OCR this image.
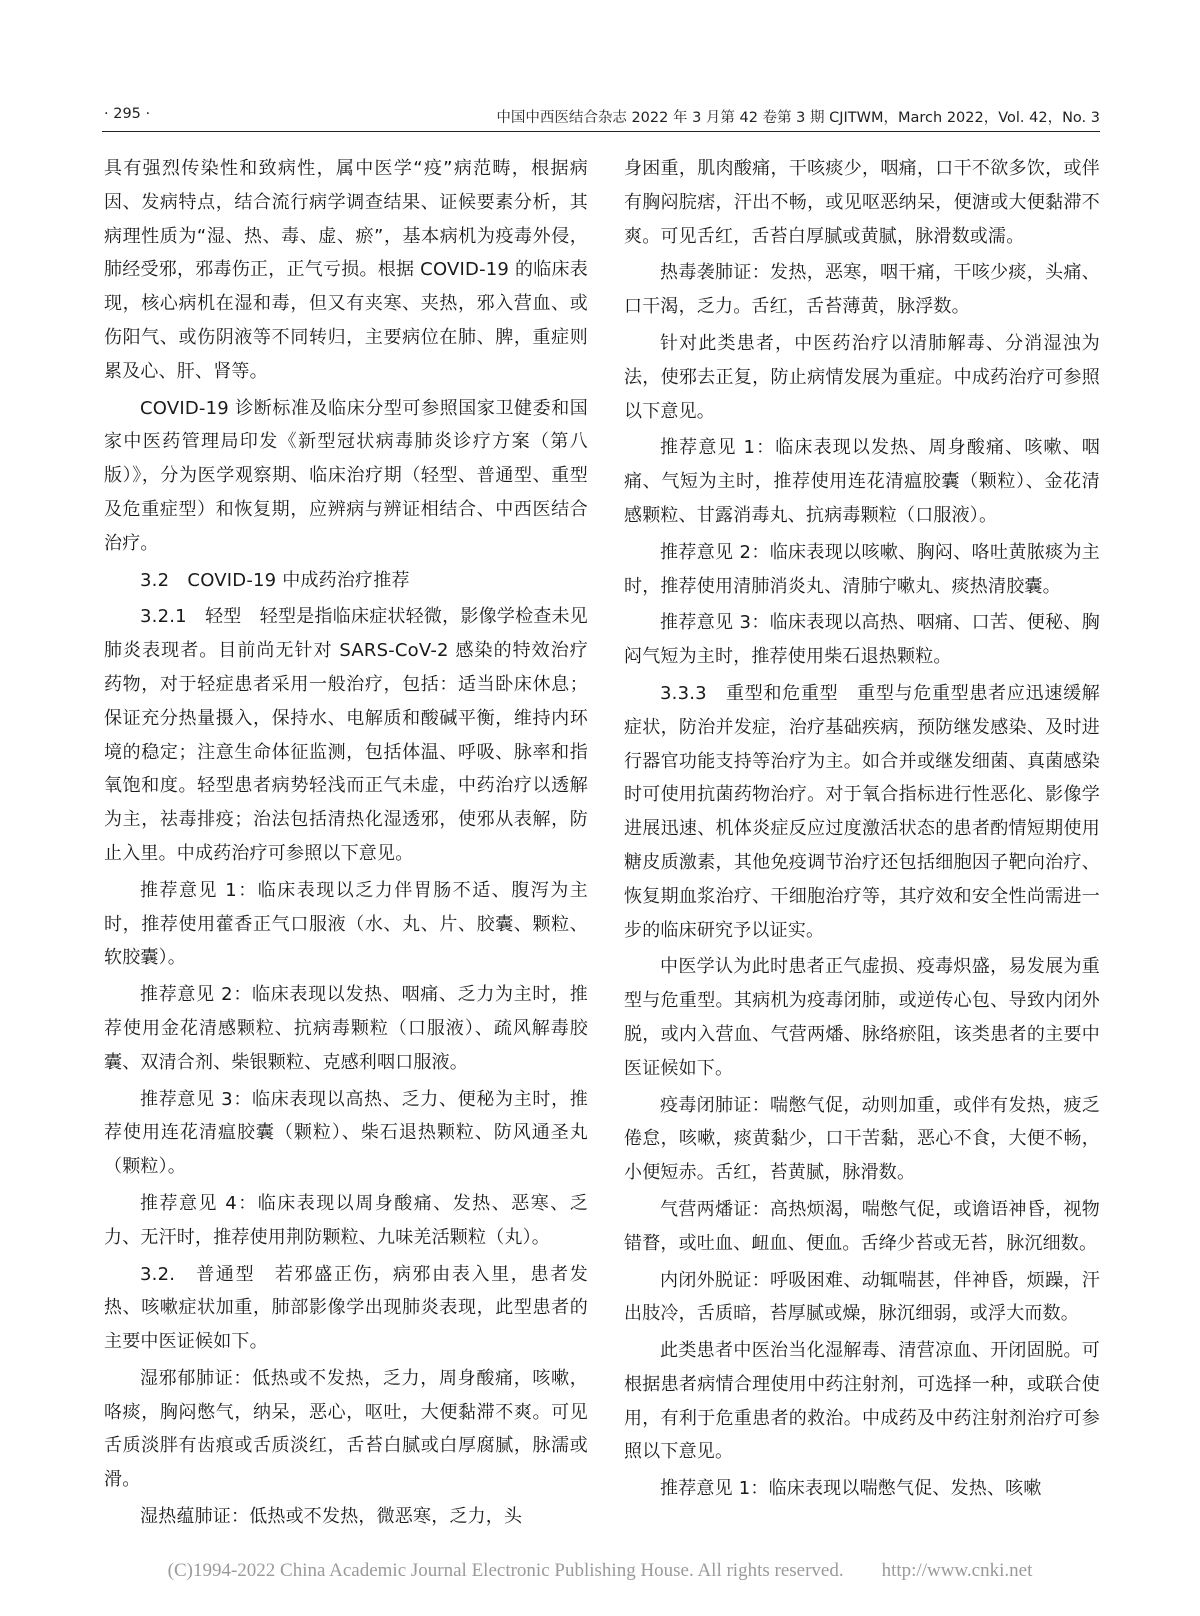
· 295 ·	中国中西医结合杂志 2022 年 3 月第 42 卷第 3 期 CJITWM，March 2022，Vol. 42，No. 3

具有强烈传染性和致病性，属中医学“疫”病范畴，根据病因、发病特点，结合流行病学调查结果、证候要素分析，其病理性质为“湿、热、毒、虚、瘀”，基本病机为疫毒外侵，肺经受邪，邪毒伤正，正气亏损。根据 COVID-19 的临床表现，核心病机在湿和毒，但又有夹寒、夹热，邪入营血、或伤阳气、或伤阴液等不同转归，主要病位在肺、脾，重症则累及心、肝、肾等。

COVID-19 诊断标准及临床分型可参照国家卫健委和国家中医药管理局印发《新型冠状病毒肺炎诊疗方案（第八版）》，分为医学观察期、临床治疗期（轻型、普通型、重型及危重症型）和恢复期，应辨病与辨证相结合、中西医结合治疗。

3.2　COVID-19 中成药治疗推荐

3.2.1　轻型　轻型是指临床症状轻微，影像学检查未见肺炎表现者。目前尚无针对 SARS-CoV-2 感染的特效治疗药物，对于轻症患者采用一般治疗，包括：适当卧床休息；保证充分热量摄入，保持水、电解质和酸碱平衡，维持内环境的稳定；注意生命体征监测，包括体温、呼吸、脉率和指氧饱和度。轻型患者病势轻浅而正气未虚，中药治疗以透解为主，祛毒排疫；治法包括清热化湿透邪，使邪从表解，防止入里。中成药治疗可参照以下意见。

推荐意见 1：临床表现以乏力伴胃肠不适、腹泻为主时，推荐使用藿香正气口服液（水、丸、片、胶囊、颗粒、软胶囊）。

推荐意见 2：临床表现以发热、咽痛、乏力为主时，推荐使用金花清感颗粒、抗病毒颗粒（口服液）、疏风解毒胶囊、双清合剂、柴银颗粒、克感利咽口服液。

推荐意见 3：临床表现以高热、乏力、便秘为主时，推荐使用连花清瘟胶囊（颗粒）、柴石退热颗粒、防风通圣丸（颗粒）。

推荐意见 4：临床表现以周身酸痛、发热、恶寒、乏力、无汗时，推荐使用荆防颗粒、九味羌活颗粒（丸）。

3.2.　普通型　若邪盛正伤，病邪由表入里，患者发热、咳嗽症状加重，肺部影像学出现肺炎表现，此型患者的主要中医证候如下。

湿邪郁肺证：低热或不发热，乏力，周身酸痛，咳嗽，咯痰，胸闷憋气，纳呆，恶心，呕吐，大便黏滞不爽。可见舌质淡胖有齿痕或舌质淡红，舌苔白腻或白厚腐腻，脉濡或滑。

湿热蕴肺证：低热或不发热，微恶寒，乏力，头

身困重，肌肉酸痛，干咳痰少，咽痛，口干不欲多饮，或伴有胸闷脘痞，汗出不畅，或见呕恶纳呆，便溏或大便黏滞不爽。可见舌红，舌苔白厚腻或黄腻，脉滑数或濡。

热毒袭肺证：发热，恶寒，咽干痛，干咳少痰，头痛、口干渴，乏力。舌红，舌苔薄黄，脉浮数。

针对此类患者，中医药治疗以清肺解毒、分消湿浊为法，使邪去正复，防止病情发展为重症。中成药治疗可参照以下意见。

推荐意见 1：临床表现以发热、周身酸痛、咳嗽、咽痛、气短为主时，推荐使用连花清瘟胶囊（颗粒）、金花清感颗粒、甘露消毒丸、抗病毒颗粒（口服液）。

推荐意见 2：临床表现以咳嗽、胸闷、咯吐黄脓痰为主时，推荐使用清肺消炎丸、清肺宁嗽丸、痰热清胶囊。

推荐意见 3：临床表现以高热、咽痛、口苦、便秘、胸闷气短为主时，推荐使用柴石退热颗粒。

3.3.3　重型和危重型　重型与危重型患者应迅速缓解症状，防治并发症，治疗基础疾病，预防继发感染、及时进行器官功能支持等治疗为主。如合并或继发细菌、真菌感染时可使用抗菌药物治疗。对于氧合指标进行性恶化、影像学进展迅速、机体炎症反应过度激活状态的患者酌情短期使用糖皮质激素，其他免疫调节治疗还包括细胞因子靶向治疗、恢复期血浆治疗、干细胞治疗等，其疗效和安全性尚需进一步的临床研究予以证实。

中医学认为此时患者正气虚损、疫毒炽盛，易发展为重型与危重型。其病机为疫毒闭肺，或逆传心包、导致内闭外脱，或内入营血、气营两燔、脉络瘀阻，该类患者的主要中医证候如下。

疫毒闭肺证：喘憋气促，动则加重，或伴有发热，疲乏倦怠，咳嗽，痰黄黏少，口干苦黏，恶心不食，大便不畅，小便短赤。舌红，苔黄腻，脉滑数。

气营两燔证：高热烦渴，喘憋气促，或谵语神昏，视物错瞀，或吐血、衄血、便血。舌绛少苔或无苔，脉沉细数。

内闭外脱证：呼吸困难、动辄喘甚，伴神昏，烦躁，汗出肢冷，舌质暗，苔厚腻或燥，脉沉细弱，或浮大而数。

此类患者中医治当化湿解毒、清营凉血、开闭固脱。可根据患者病情合理使用中药注射剂，可选择一种，或联合使用，有利于危重患者的救治。中成药及中药注射剂治疗可参照以下意见。

推荐意见 1：临床表现以喘憋气促、发热、咳嗽

(C)1994-2022 China Academic Journal Electronic Publishing House. All rights reserved.　　http://www.cnki.net
